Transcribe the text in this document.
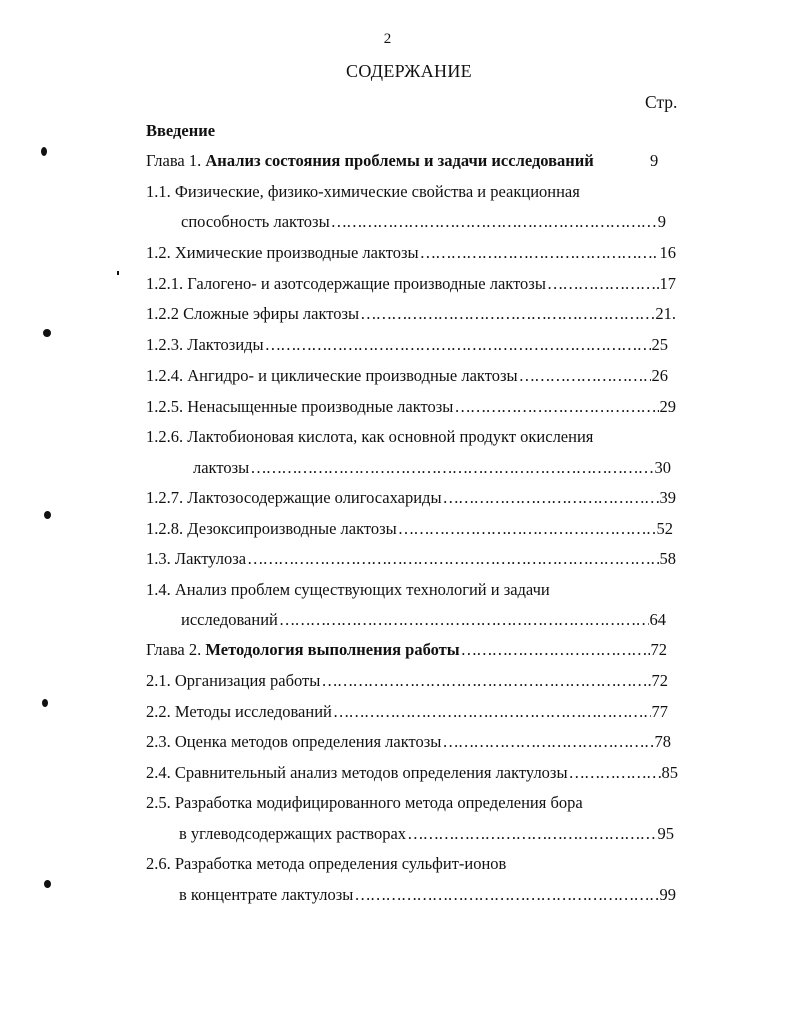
2
СОДЕРЖАНИЕ
Стр.
Введение
Глава 1. Анализ состояния проблемы и задачи исследований	9
1.1. Физические, физико-химические свойства и реакционная
способность лактозы ………………………………………………………………………………………………………………………………………………………………	9
1.2. Химические производные лактозы ………………………………………………………………………………………………………………………………………………………………	16
1.2.1. Галогено- и азотсодержащие производные лактозы ………………………………………………………………………………………………………………………………………………………………	17
1.2.2 Сложные эфиры лактозы ………………………………………………………………………………………………………………………………………………………………	21.
1.2.3. Лактозиды ………………………………………………………………………………………………………………………………………………………………	25
1.2.4. Ангидро- и циклические производные лактозы ………………………………………………………………………………………………………………………………………………………………	26
1.2.5. Ненасыщенные производные лактозы ………………………………………………………………………………………………………………………………………………………………	29
1.2.6. Лактобионовая кислота, как основной продукт окисления
лактозы ………………………………………………………………………………………………………………………………………………………………	30
1.2.7. Лактозосодержащие олигосахариды ………………………………………………………………………………………………………………………………………………………………	39
1.2.8. Дезоксипроизводные лактозы ………………………………………………………………………………………………………………………………………………………………	52
1.3. Лактулоза ………………………………………………………………………………………………………………………………………………………………	58
1.4. Анализ проблем существующих технологий и задачи
исследований ………………………………………………………………………………………………………………………………………………………………	64
Глава 2. Методология выполнения работы ………………………………………………………………………………………………………………………………………………………………	72
2.1. Организация работы ………………………………………………………………………………………………………………………………………………………………	72
2.2. Методы исследований ………………………………………………………………………………………………………………………………………………………………	77
2.3. Оценка методов определения лактозы ………………………………………………………………………………………………………………………………………………………………	78
2.4. Сравнительный анализ методов определения лактулозы ………………………………………………………………………………………………………………………………………………………………	85
2.5. Разработка модифицированного метода определения бора
в углеводсодержащих растворах ………………………………………………………………………………………………………………………………………………………………	95
2.6. Разработка метода определения сульфит-ионов
в концентрате лактулозы ………………………………………………………………………………………………………………………………………………………………	99
